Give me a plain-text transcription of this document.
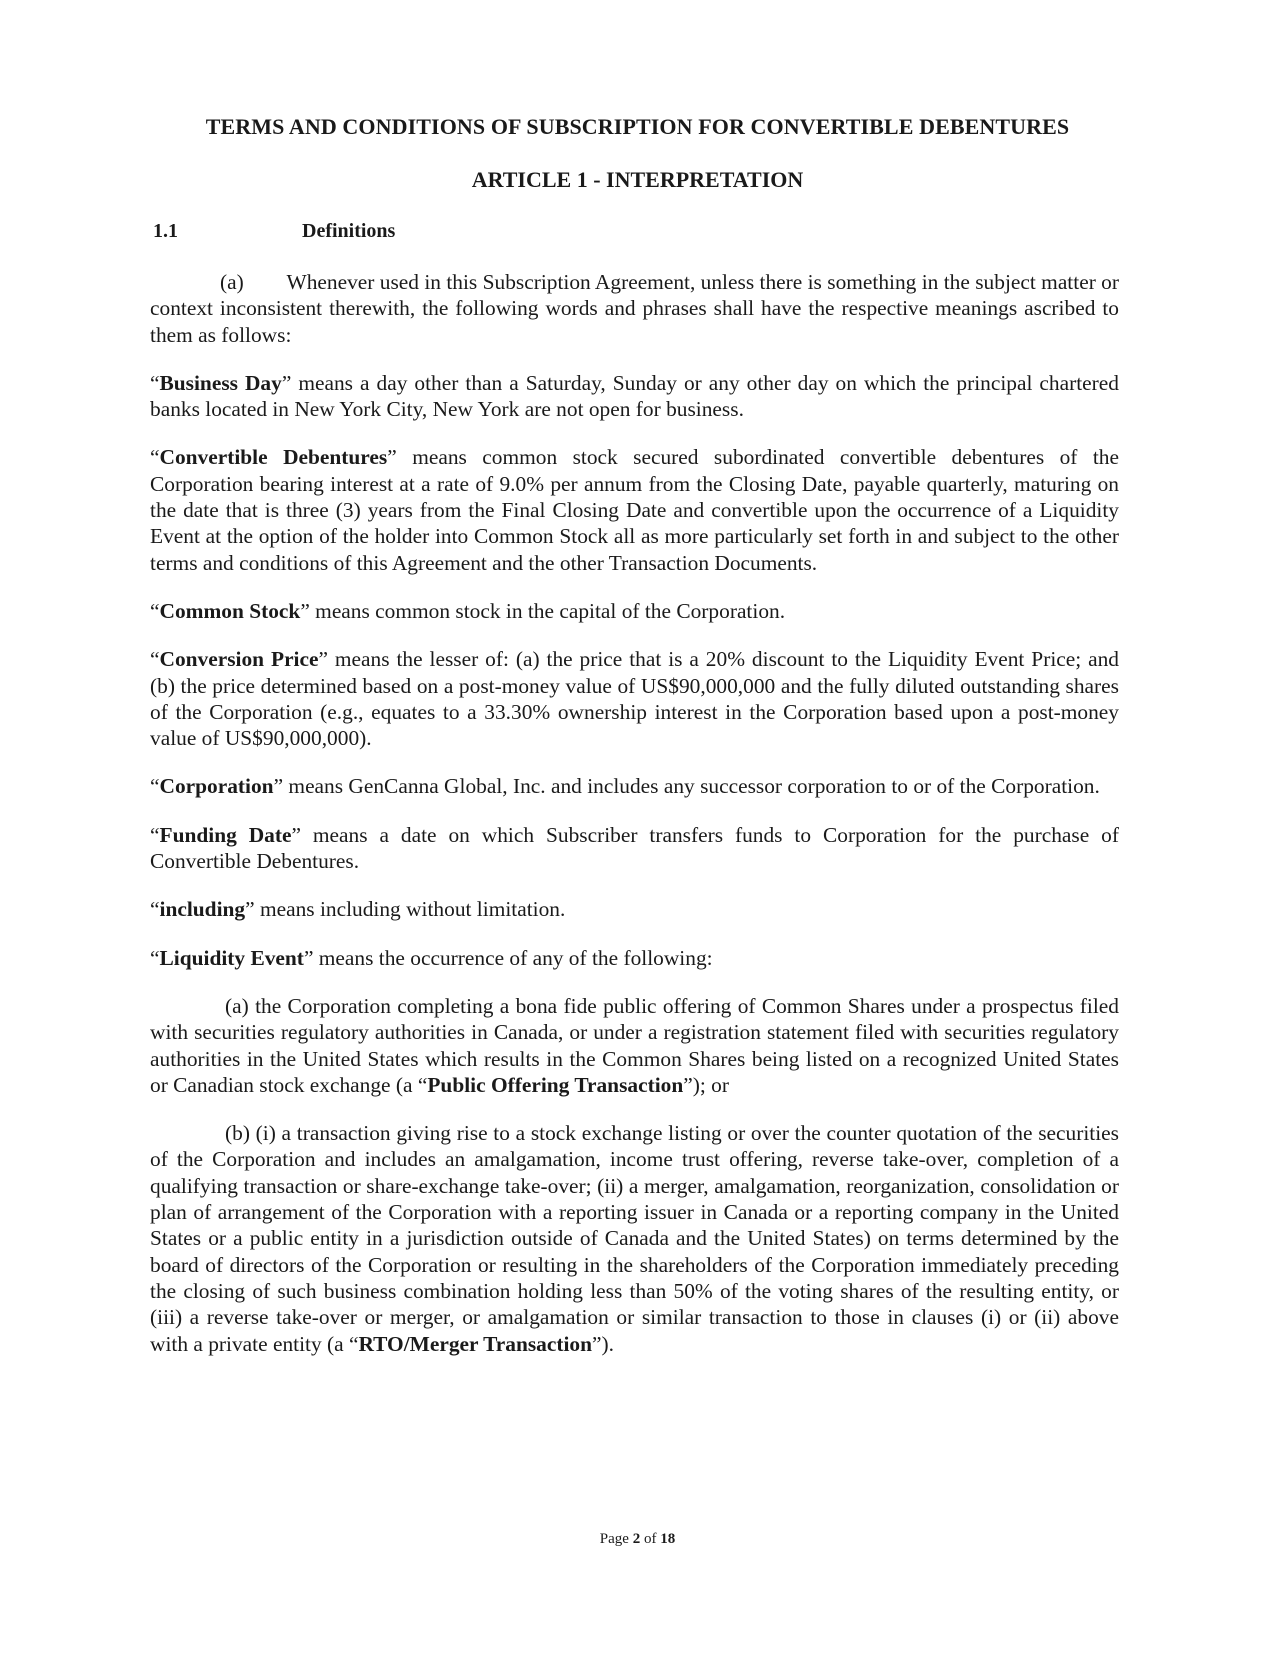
TERMS AND CONDITIONS OF SUBSCRIPTION FOR CONVERTIBLE DEBENTURES
ARTICLE 1 - INTERPRETATION
1.1	Definitions

(a)  Whenever used in this Subscription Agreement, unless there is something in the subject matter or context inconsistent therewith, the following words and phrases shall have the respective meanings ascribed to them as follows:

“Business Day” means a day other than a Saturday, Sunday or any other day on which the principal chartered banks located in New York City, New York are not open for business.

“Convertible Debentures” means common stock secured subordinated convertible debentures of the Corporation bearing interest at a rate of 9.0% per annum from the Closing Date, payable quarterly, maturing on the date that is three (3) years from the Final Closing Date and convertible upon the occurrence of a Liquidity Event at the option of the holder into Common Stock all as more particularly set forth in and subject to the other terms and conditions of this Agreement and the other Transaction Documents.

“Common Stock” means common stock in the capital of the Corporation.

“Conversion Price” means the lesser of: (a) the price that is a 20% discount to the Liquidity Event Price; and (b) the price determined based on a post-money value of US$90,000,000 and the fully diluted outstanding shares of the Corporation (e.g., equates to a 33.30% ownership interest in the Corporation based upon a post-money value of US$90,000,000).

“Corporation” means GenCanna Global, Inc. and includes any successor corporation to or of the Corporation.

“Funding Date” means a date on which Subscriber transfers funds to Corporation for the purchase of Convertible Debentures.

“including” means including without limitation.

“Liquidity Event” means the occurrence of any of the following:

(a) the Corporation completing a bona fide public offering of Common Shares under a prospectus filed with securities regulatory authorities in Canada, or under a registration statement filed with securities regulatory authorities in the United States which results in the Common Shares being listed on a recognized United States or Canadian stock exchange (a “Public Offering Transaction”); or

(b) (i) a transaction giving rise to a stock exchange listing or over the counter quotation of the securities of the Corporation and includes an amalgamation, income trust offering, reverse take-over, completion of a qualifying transaction or share-exchange take-over; (ii) a merger, amalgamation, reorganization, consolidation or plan of arrangement of the Corporation with a reporting issuer in Canada or a reporting company in the United States or a public entity in a jurisdiction outside of Canada and the United States) on terms determined by the board of directors of the Corporation or resulting in the shareholders of the Corporation immediately preceding the closing of such business combination holding less than 50% of the voting shares of the resulting entity, or (iii) a reverse take-over or merger, or amalgamation or similar transaction to those in clauses (i) or (ii) above with a private entity (a “RTO/Merger Transaction”).

Page 2 of 18
